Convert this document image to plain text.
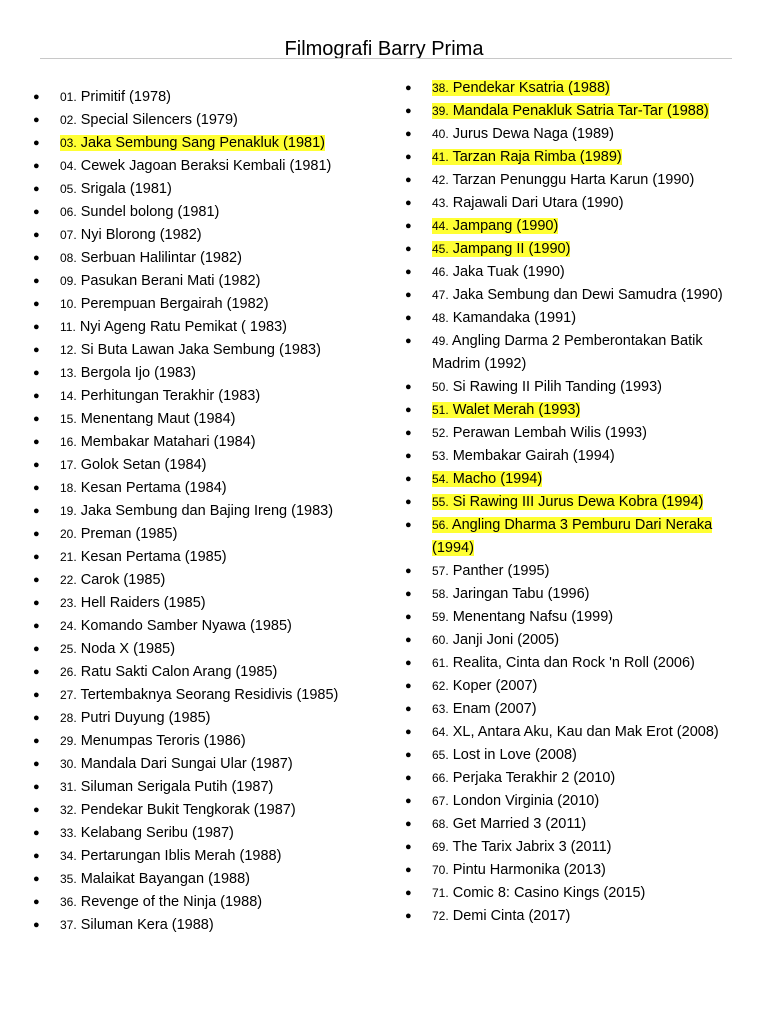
Filmografi Barry Prima
● 01. Primitif (1978)
● 02. Special Silencers (1979)
● 03. Jaka Sembung Sang Penakluk (1981)
● 04. Cewek Jagoan Beraksi Kembali (1981)
● 05. Srigala (1981)
● 06. Sundel bolong (1981)
● 07. Nyi Blorong (1982)
● 08. Serbuan Halilintar (1982)
● 09. Pasukan Berani Mati (1982)
● 10. Perempuan Bergairah (1982)
● 11. Nyi Ageng Ratu Pemikat ( 1983)
● 12. Si Buta Lawan Jaka Sembung (1983)
● 13. Bergola Ijo (1983)
● 14. Perhitungan Terakhir (1983)
● 15. Menentang Maut (1984)
● 16. Membakar Matahari (1984)
● 17. Golok Setan (1984)
● 18. Kesan Pertama (1984)
● 19. Jaka Sembung dan Bajing Ireng (1983)
● 20. Preman (1985)
● 21. Kesan Pertama (1985)
● 22. Carok (1985)
● 23. Hell Raiders (1985)
● 24. Komando Samber Nyawa (1985)
● 25. Noda X (1985)
● 26. Ratu Sakti Calon Arang (1985)
● 27. Tertembaknya Seorang Residivis (1985)
● 28. Putri Duyung (1985)
● 29. Menumpas Teroris (1986)
● 30. Mandala Dari Sungai Ular (1987)
● 31. Siluman Serigala Putih (1987)
● 32. Pendekar Bukit Tengkorak (1987)
● 33. Kelabang Seribu (1987)
● 34. Pertarungan Iblis Merah (1988)
● 35. Malaikat Bayangan (1988)
● 36. Revenge of the Ninja (1988)
● 37. Siluman Kera (1988)
● 38. Pendekar Ksatria (1988)
● 39. Mandala Penakluk Satria Tar-Tar (1988)
● 40. Jurus Dewa Naga (1989)
● 41. Tarzan Raja Rimba (1989)
● 42. Tarzan Penunggu Harta Karun (1990)
● 43. Rajawali Dari Utara (1990)
● 44. Jampang (1990)
● 45. Jampang II (1990)
● 46. Jaka Tuak (1990)
● 47. Jaka Sembung dan Dewi Samudra (1990)
● 48. Kamandaka (1991)
● 49. Angling Darma 2 Pemberontakan Batik Madrim (1992)
● 50. Si Rawing II Pilih Tanding (1993)
● 51. Walet Merah (1993)
● 52. Perawan Lembah Wilis (1993)
● 53. Membakar Gairah (1994)
● 54. Macho (1994)
● 55. Si Rawing III Jurus Dewa Kobra (1994)
● 56. Angling Dharma 3 Pemburu Dari Neraka (1994)
● 57. Panther (1995)
● 58. Jaringan Tabu (1996)
● 59. Menentang Nafsu (1999)
● 60. Janji Joni (2005)
● 61. Realita, Cinta dan Rock 'n Roll (2006)
● 62. Koper (2007)
● 63. Enam (2007)
● 64. XL, Antara Aku, Kau dan Mak Erot (2008)
● 65. Lost in Love (2008)
● 66. Perjaka Terakhir 2 (2010)
● 67. London Virginia (2010)
● 68. Get Married 3 (2011)
● 69. The Tarix Jabrix 3 (2011)
● 70. Pintu Harmonika (2013)
● 71. Comic 8: Casino Kings (2015)
● 72. Demi Cinta (2017)
